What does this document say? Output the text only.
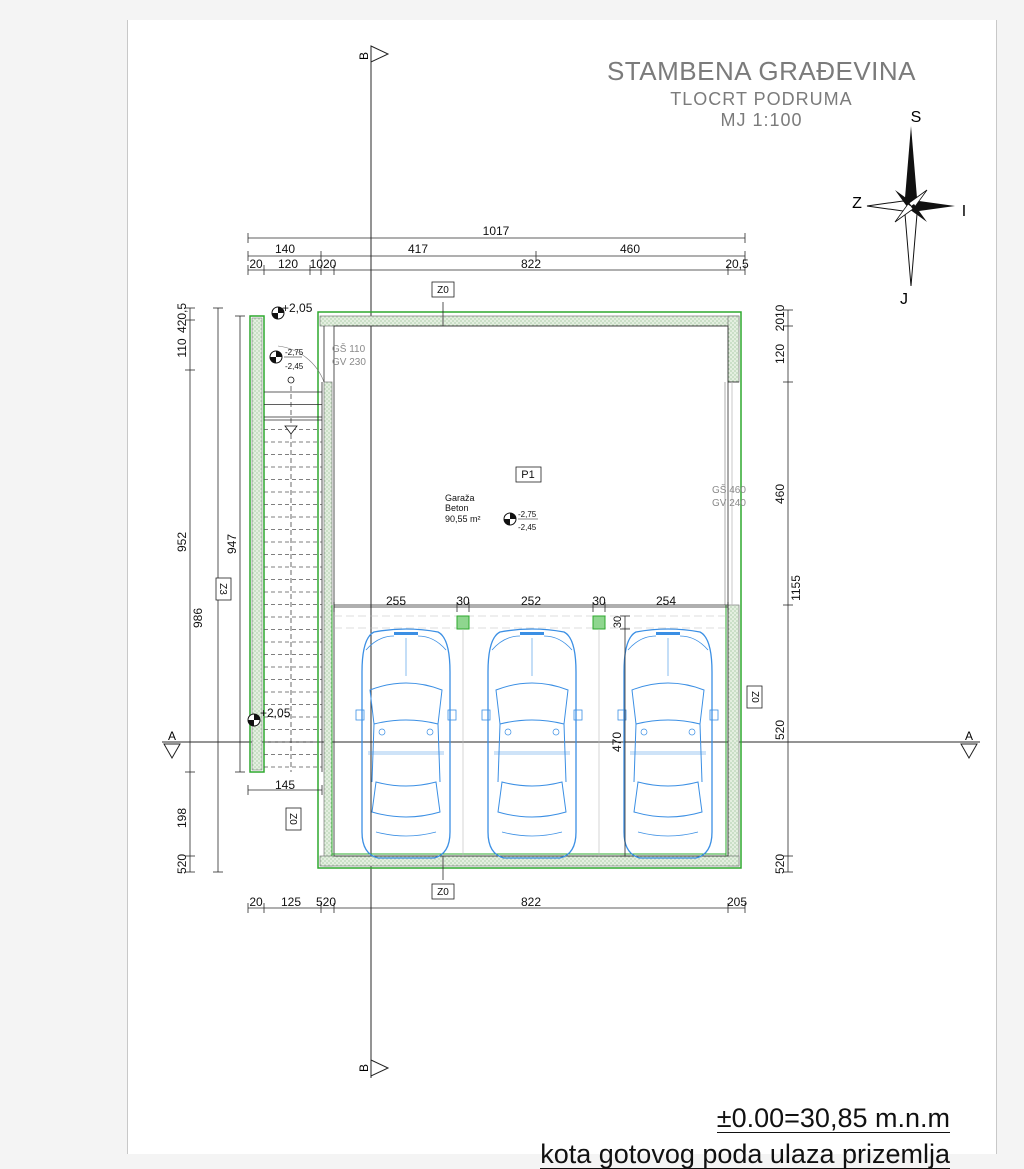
STAMBENA GRAĐEVINA
TLOCRT PODRUMA
MJ 1:100
B
B
A	A
S
J
Z	I
1017
140	417	460
20 120 1020	822	20,5
20 125 520	822	205
145
255	30	252	30	254
420,5
110
952
986
198
520
947
2010
120
460
1155
520
520
30
470
Z0
Z0
Z0
Z0
Z3
P1
Garaža
Beton
90,55 m²	-2,75
-2,45
+2,05
-2,75
-2,45
+2,05
GŠ 110
GV 230
GŠ 460
GV 240
±0.00=30,85 m.n.m
kota gotovog poda ulaza prizemlja
